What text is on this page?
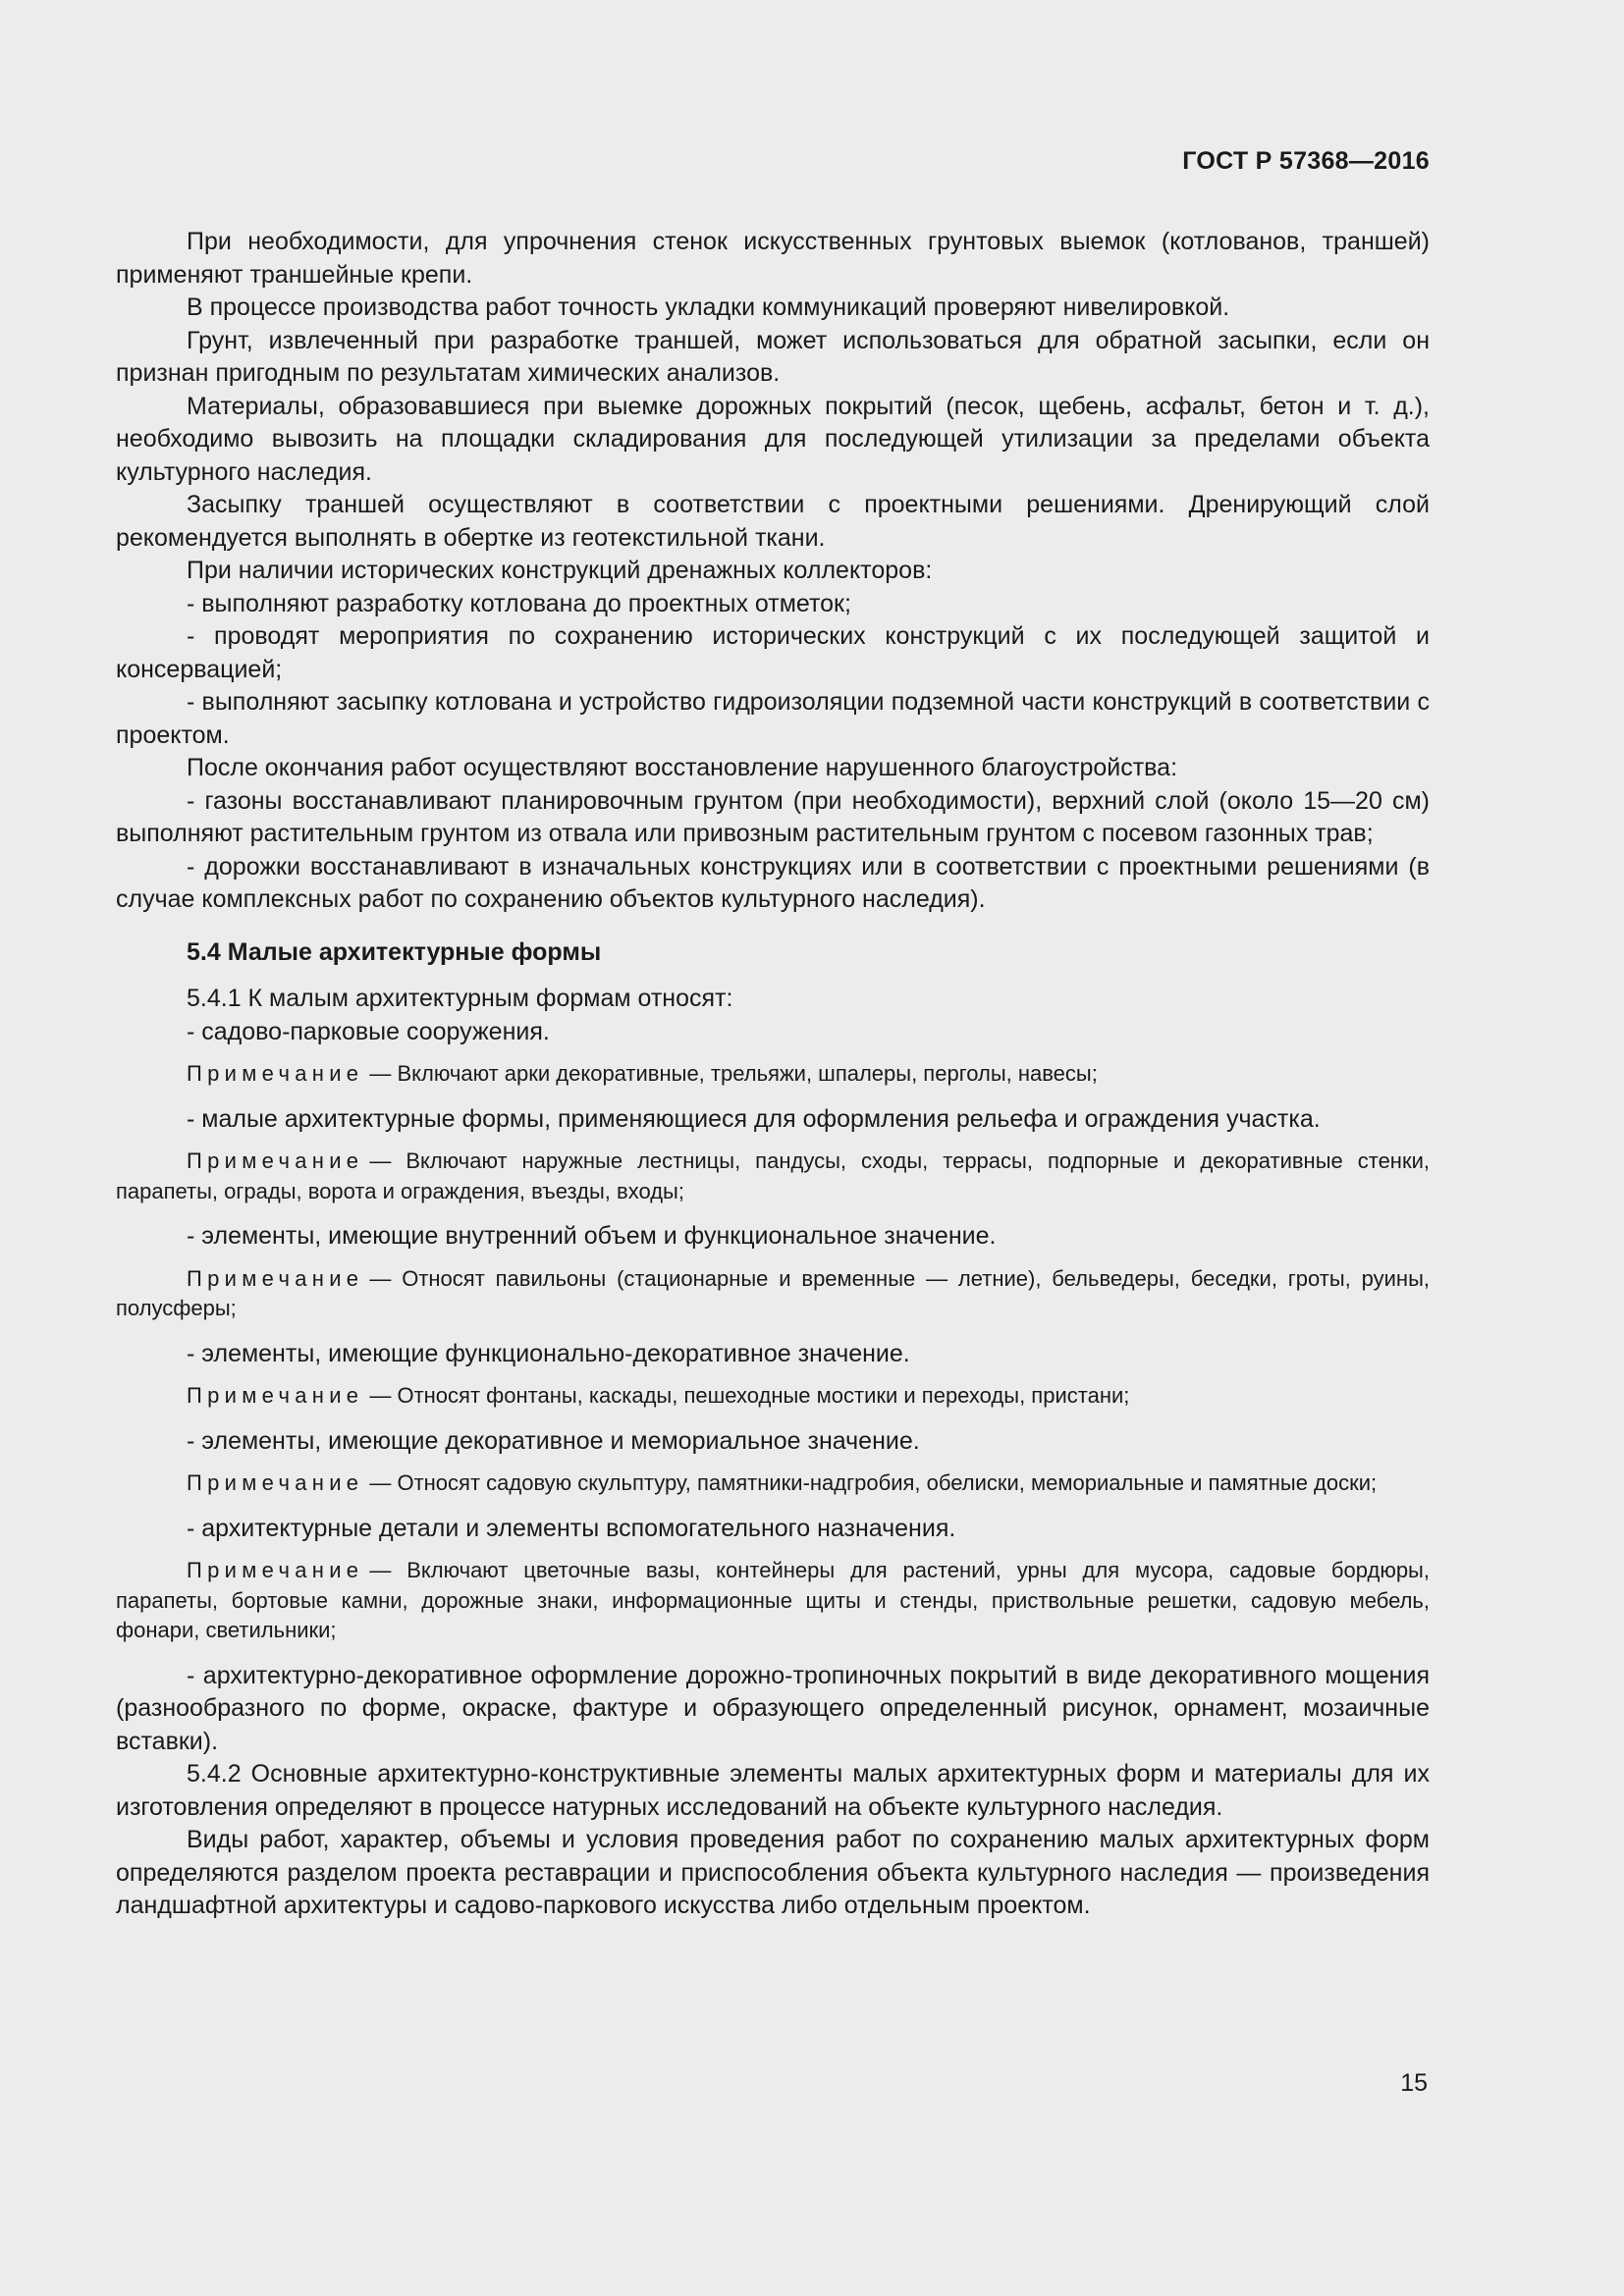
ГОСТ Р 57368—2016

При необходимости, для упрочнения стенок искусственных грунтовых выемок (котлованов, траншей) применяют траншейные крепи.

В процессе производства работ точность укладки коммуникаций проверяют нивелировкой.

Грунт, извлеченный при разработке траншей, может использоваться для обратной засыпки, если он признан пригодным по результатам химических анализов.

Материалы, образовавшиеся при выемке дорожных покрытий (песок, щебень, асфальт, бетон и т. д.), необходимо вывозить на площадки складирования для последующей утилизации за пределами объекта культурного наследия.

Засыпку траншей осуществляют в соответствии с проектными решениями. Дренирующий слой рекомендуется выполнять в обертке из геотекстильной ткани.

При наличии исторических конструкций дренажных коллекторов:

- выполняют разработку котлована до проектных отметок;

- проводят мероприятия по сохранению исторических конструкций с их последующей защитой и консервацией;

- выполняют засыпку котлована и устройство гидроизоляции подземной части конструкций в соответствии с проектом.

После окончания работ осуществляют восстановление нарушенного благоустройства:

- газоны восстанавливают планировочным грунтом (при необходимости), верхний слой (около 15—20 см) выполняют растительным грунтом из отвала или привозным растительным грунтом с посевом газонных трав;

- дорожки восстанавливают в изначальных конструкциях или в соответствии с проектными решениями (в случае комплексных работ по сохранению объектов культурного наследия).

5.4 Малые архитектурные формы

5.4.1 К малым архитектурным формам относят:

- садово-парковые сооружения.

Примечание — Включают арки декоративные, трельяжи, шпалеры, перголы, навесы;

- малые архитектурные формы, применяющиеся для оформления рельефа и ограждения участка.

Примечание — Включают наружные лестницы, пандусы, сходы, террасы, подпорные и декоративные стенки, парапеты, ограды, ворота и ограждения, въезды, входы;

- элементы, имеющие внутренний объем и функциональное значение.

Примечание — Относят павильоны (стационарные и временные — летние), бельведеры, беседки, гроты, руины, полусферы;

- элементы, имеющие функционально-декоративное значение.

Примечание — Относят фонтаны, каскады, пешеходные мостики и переходы, пристани;

- элементы, имеющие декоративное и мемориальное значение.

Примечание — Относят садовую скульптуру, памятники-надгробия, обелиски, мемориальные и памятные доски;

- архитектурные детали и элементы вспомогательного назначения.

Примечание — Включают цветочные вазы, контейнеры для растений, урны для мусора, садовые бордюры, парапеты, бортовые камни, дорожные знаки, информационные щиты и стенды, приствольные решетки, садовую мебель, фонари, светильники;

- архитектурно-декоративное оформление дорожно-тропиночных покрытий в виде декоративного мощения (разнообразного по форме, окраске, фактуре и образующего определенный рисунок, орнамент, мозаичные вставки).

5.4.2 Основные архитектурно-конструктивные элементы малых архитектурных форм и материалы для их изготовления определяют в процессе натурных исследований на объекте культурного наследия.

Виды работ, характер, объемы и условия проведения работ по сохранению малых архитектурных форм определяются разделом проекта реставрации и приспособления объекта культурного наследия — произведения ландшафтной архитектуры и садово-паркового искусства либо отдельным проектом.

15
